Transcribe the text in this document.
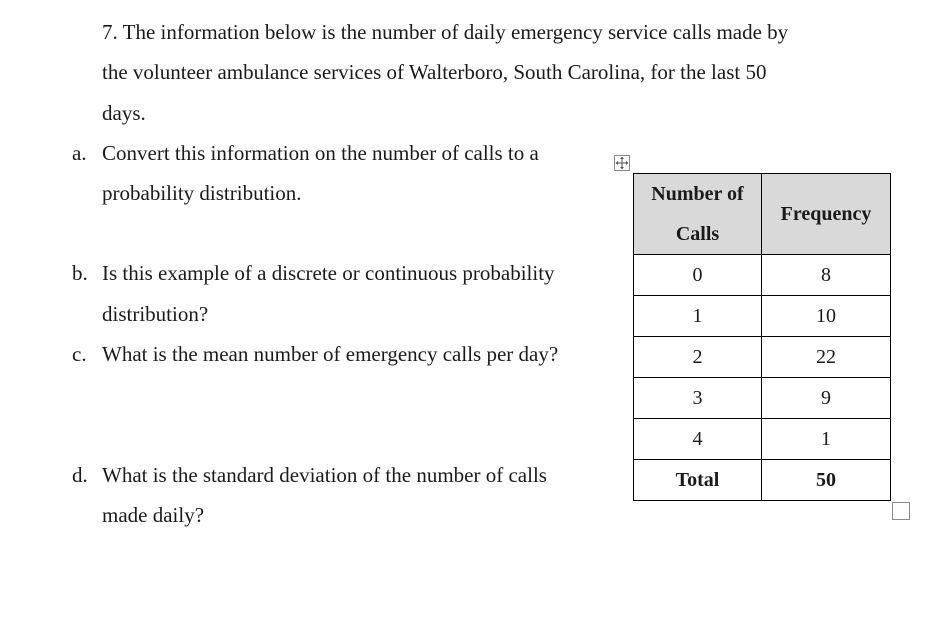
7. The information below is the number of daily emergency service calls made by
the volunteer ambulance services of Walterboro, South Carolina, for the last 50
days.
a. Convert this information on the number of calls to a
probability distribution.
b. Is this example of a discrete or continuous probability
distribution?
c. What is the mean number of emergency calls per day?
d. What is the standard deviation of the number of calls
made daily?
Number of
Calls	Frequency
0	8
1	10
2	22
3	9
4	1
Total	50
